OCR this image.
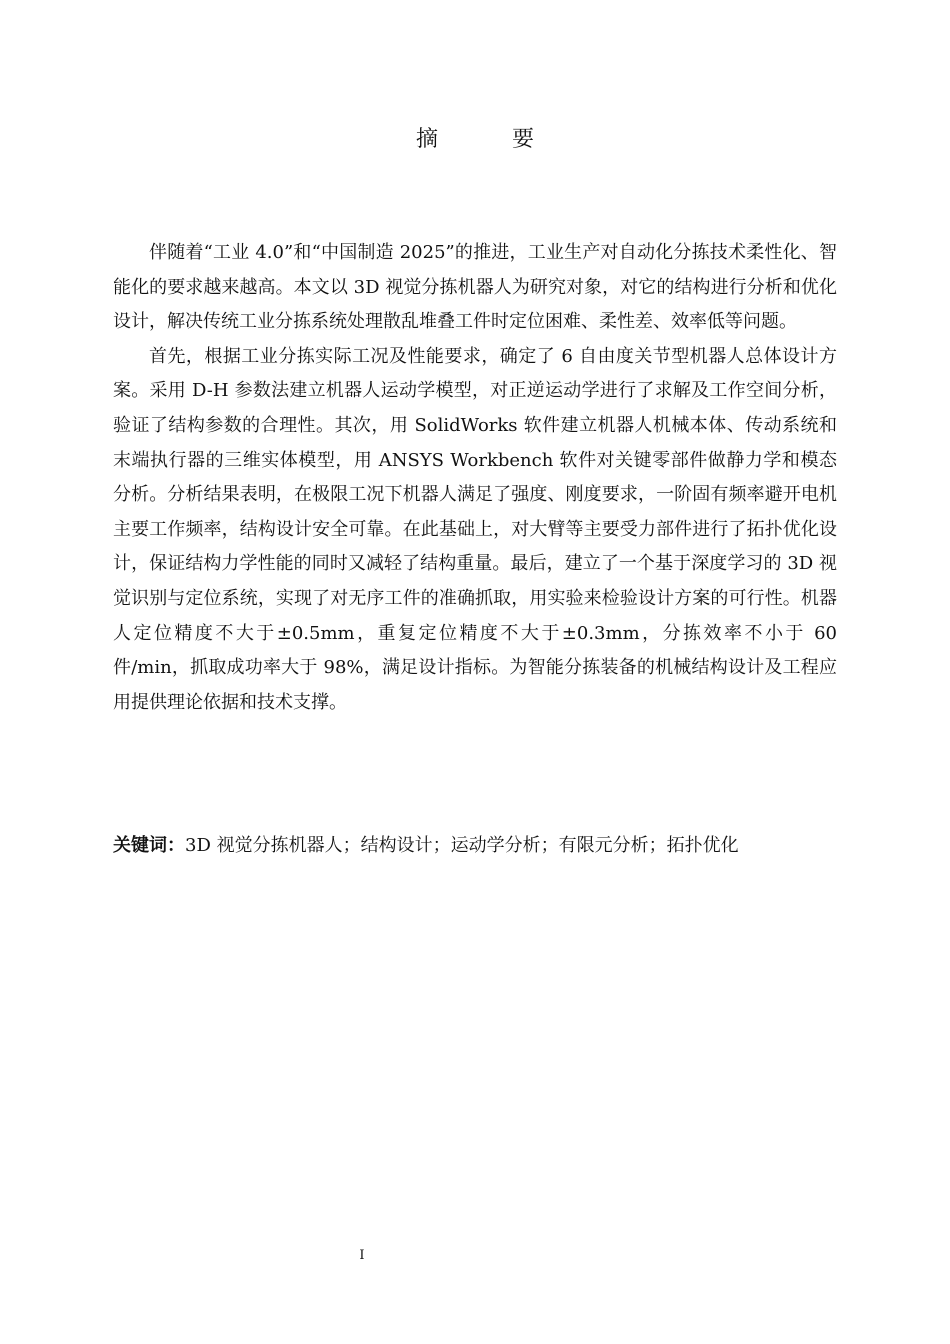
摘　要

伴随着“工业 4.0”和“中国制造 2025”的推进，工业生产对自动化分拣技术柔性化、智能化的要求越来越高。本文以 3D 视觉分拣机器人为研究对象，对它的结构进行分析和优化设计，解决传统工业分拣系统处理散乱堆叠工件时定位困难、柔性差、效率低等问题。

首先，根据工业分拣实际工况及性能要求，确定了 6 自由度关节型机器人总体设计方案。采用 D-H 参数法建立机器人运动学模型，对正逆运动学进行了求解及工作空间分析，验证了结构参数的合理性。其次，用 SolidWorks 软件建立机器人机械本体、传动系统和末端执行器的三维实体模型，用 ANSYS Workbench 软件对关键零部件做静力学和模态分析。分析结果表明，在极限工况下机器人满足了强度、刚度要求，一阶固有频率避开电机主要工作频率，结构设计安全可靠。在此基础上，对大臂等主要受力部件进行了拓扑优化设计，保证结构力学性能的同时又减轻了结构重量。最后，建立了一个基于深度学习的 3D 视觉识别与定位系统，实现了对无序工件的准确抓取，用实验来检验设计方案的可行性。机器人定位精度不大于±0.5mm，重复定位精度不大于±0.3mm，分拣效率不小于 60 件/min，抓取成功率大于 98%，满足设计指标。为智能分拣装备的机械结构设计及工程应用提供理论依据和技术支撑。

关键词：3D 视觉分拣机器人；结构设计；运动学分析；有限元分析；拓扑优化
I
